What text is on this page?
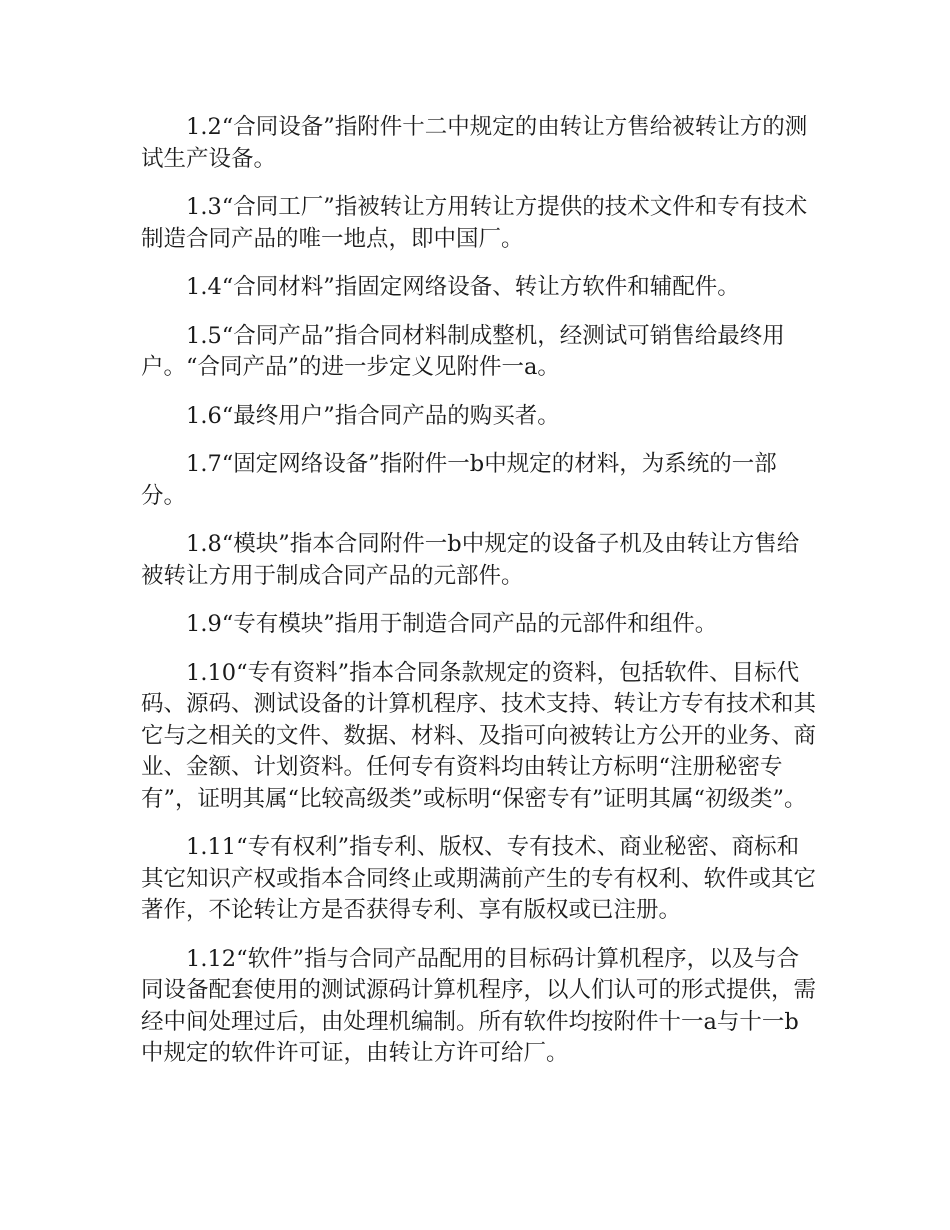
1.2“合同设备”指附件十二中规定的由转让方售给被转让方的测试生产设备。

1.3“合同工厂”指被转让方用转让方提供的技术文件和专有技术制造合同产品的唯一地点，即中国厂。

1.4“合同材料”指固定网络设备、转让方软件和辅配件。

1.5“合同产品”指合同材料制成整机，经测试可销售给最终用户。“合同产品”的进一步定义见附件一a。

1.6“最终用户”指合同产品的购买者。

1.7“固定网络设备”指附件一b中规定的材料，为系统的一部分。

1.8“模块”指本合同附件一b中规定的设备子机及由转让方售给被转让方用于制成合同产品的元部件。

1.9“专有模块”指用于制造合同产品的元部件和组件。

1.10“专有资料”指本合同条款规定的资料，包括软件、目标代码、源码、测试设备的计算机程序、技术支持、转让方专有技术和其它与之相关的文件、数据、材料、及指可向被转让方公开的业务、商业、金额、计划资料。任何专有资料均由转让方标明“注册秘密专有”，证明其属“比较高级类”或标明“保密专有”证明其属“初级类”。

1.11“专有权利”指专利、版权、专有技术、商业秘密、商标和其它知识产权或指本合同终止或期满前产生的专有权利、软件或其它著作，不论转让方是否获得专利、享有版权或已注册。

1.12“软件”指与合同产品配用的目标码计算机程序，以及与合同设备配套使用的测试源码计算机程序，以人们认可的形式提供，需经中间处理过后，由处理机编制。所有软件均按附件十一a与十一b中规定的软件许可证，由转让方许可给厂。
